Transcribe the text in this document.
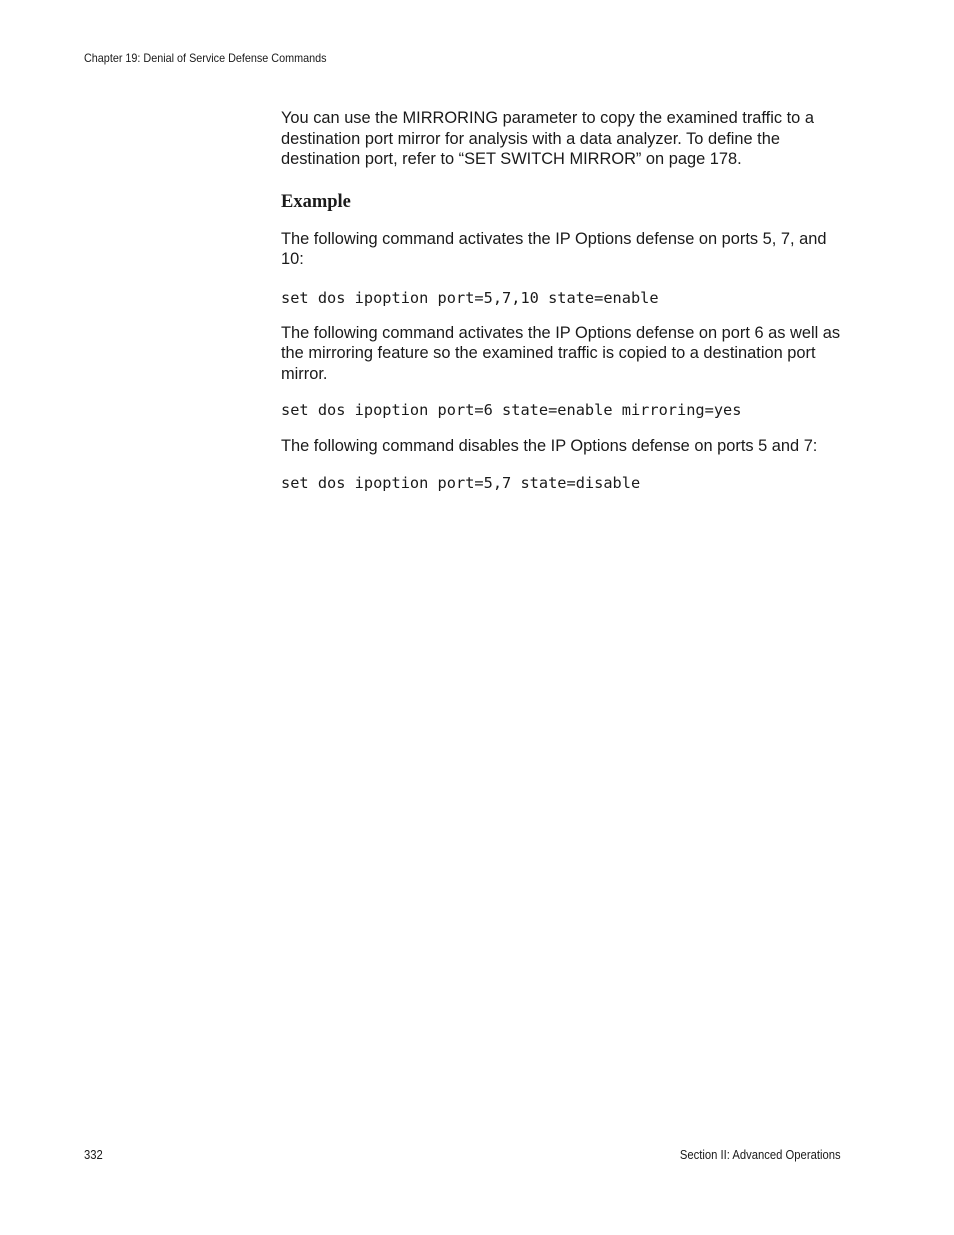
Chapter 19: Denial of Service Defense Commands

You can use the MIRRORING parameter to copy the examined traffic to a destination port mirror for analysis with a data analyzer. To define the destination port, refer to “SET SWITCH MIRROR” on page 178.

Example

The following command activates the IP Options defense on ports 5, 7, and 10:

set dos ipoption port=5,7,10 state=enable

The following command activates the IP Options defense on port 6 as well as the mirroring feature so the examined traffic is copied to a destination port mirror.

set dos ipoption port=6 state=enable mirroring=yes

The following command disables the IP Options defense on ports 5 and 7:

set dos ipoption port=5,7 state=disable

332	Section II: Advanced Operations
